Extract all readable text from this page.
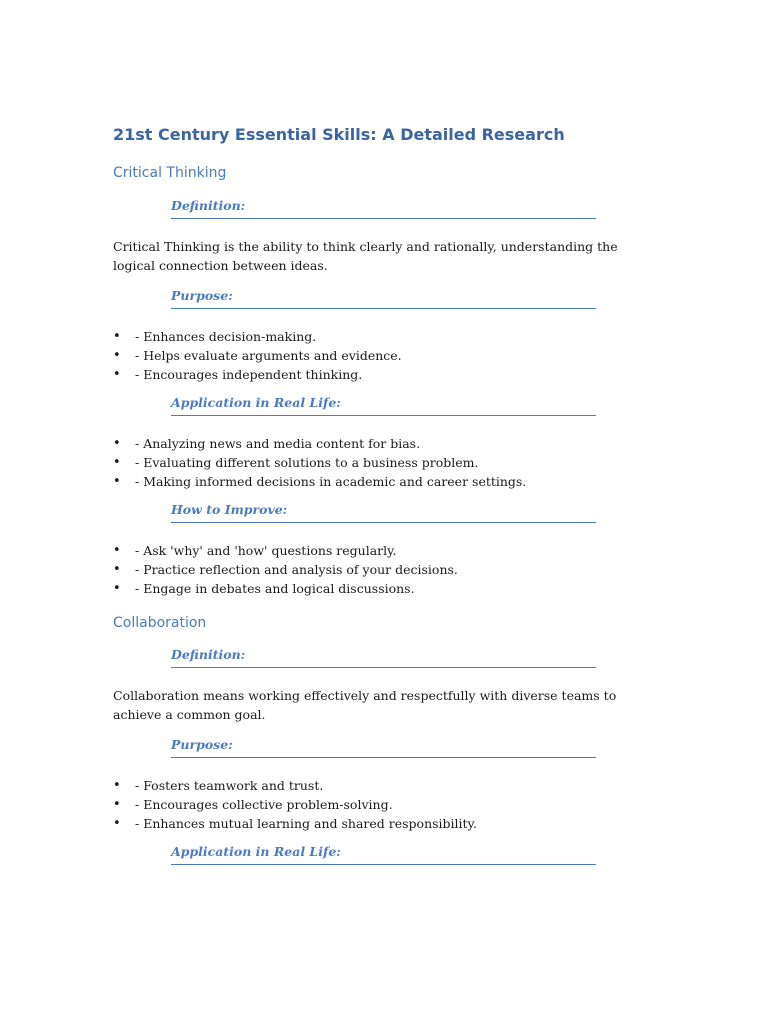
21st Century Essential Skills: A Detailed Research
Critical Thinking
Definition:

Critical Thinking is the ability to think clearly and rationally, understanding the logical connection between ideas.

Purpose:
• - Enhances decision-making.
• - Helps evaluate arguments and evidence.
• - Encourages independent thinking.
Application in Real Life:
• - Analyzing news and media content for bias.
• - Evaluating different solutions to a business problem.
• - Making informed decisions in academic and career settings.
How to Improve:
• - Ask 'why' and 'how' questions regularly.
• - Practice reflection and analysis of your decisions.
• - Engage in debates and logical discussions.
Collaboration
Definition:

Collaboration means working effectively and respectfully with diverse teams to achieve a common goal.

Purpose:
• - Fosters teamwork and trust.
• - Encourages collective problem-solving.
• - Enhances mutual learning and shared responsibility.
Application in Real Life:
